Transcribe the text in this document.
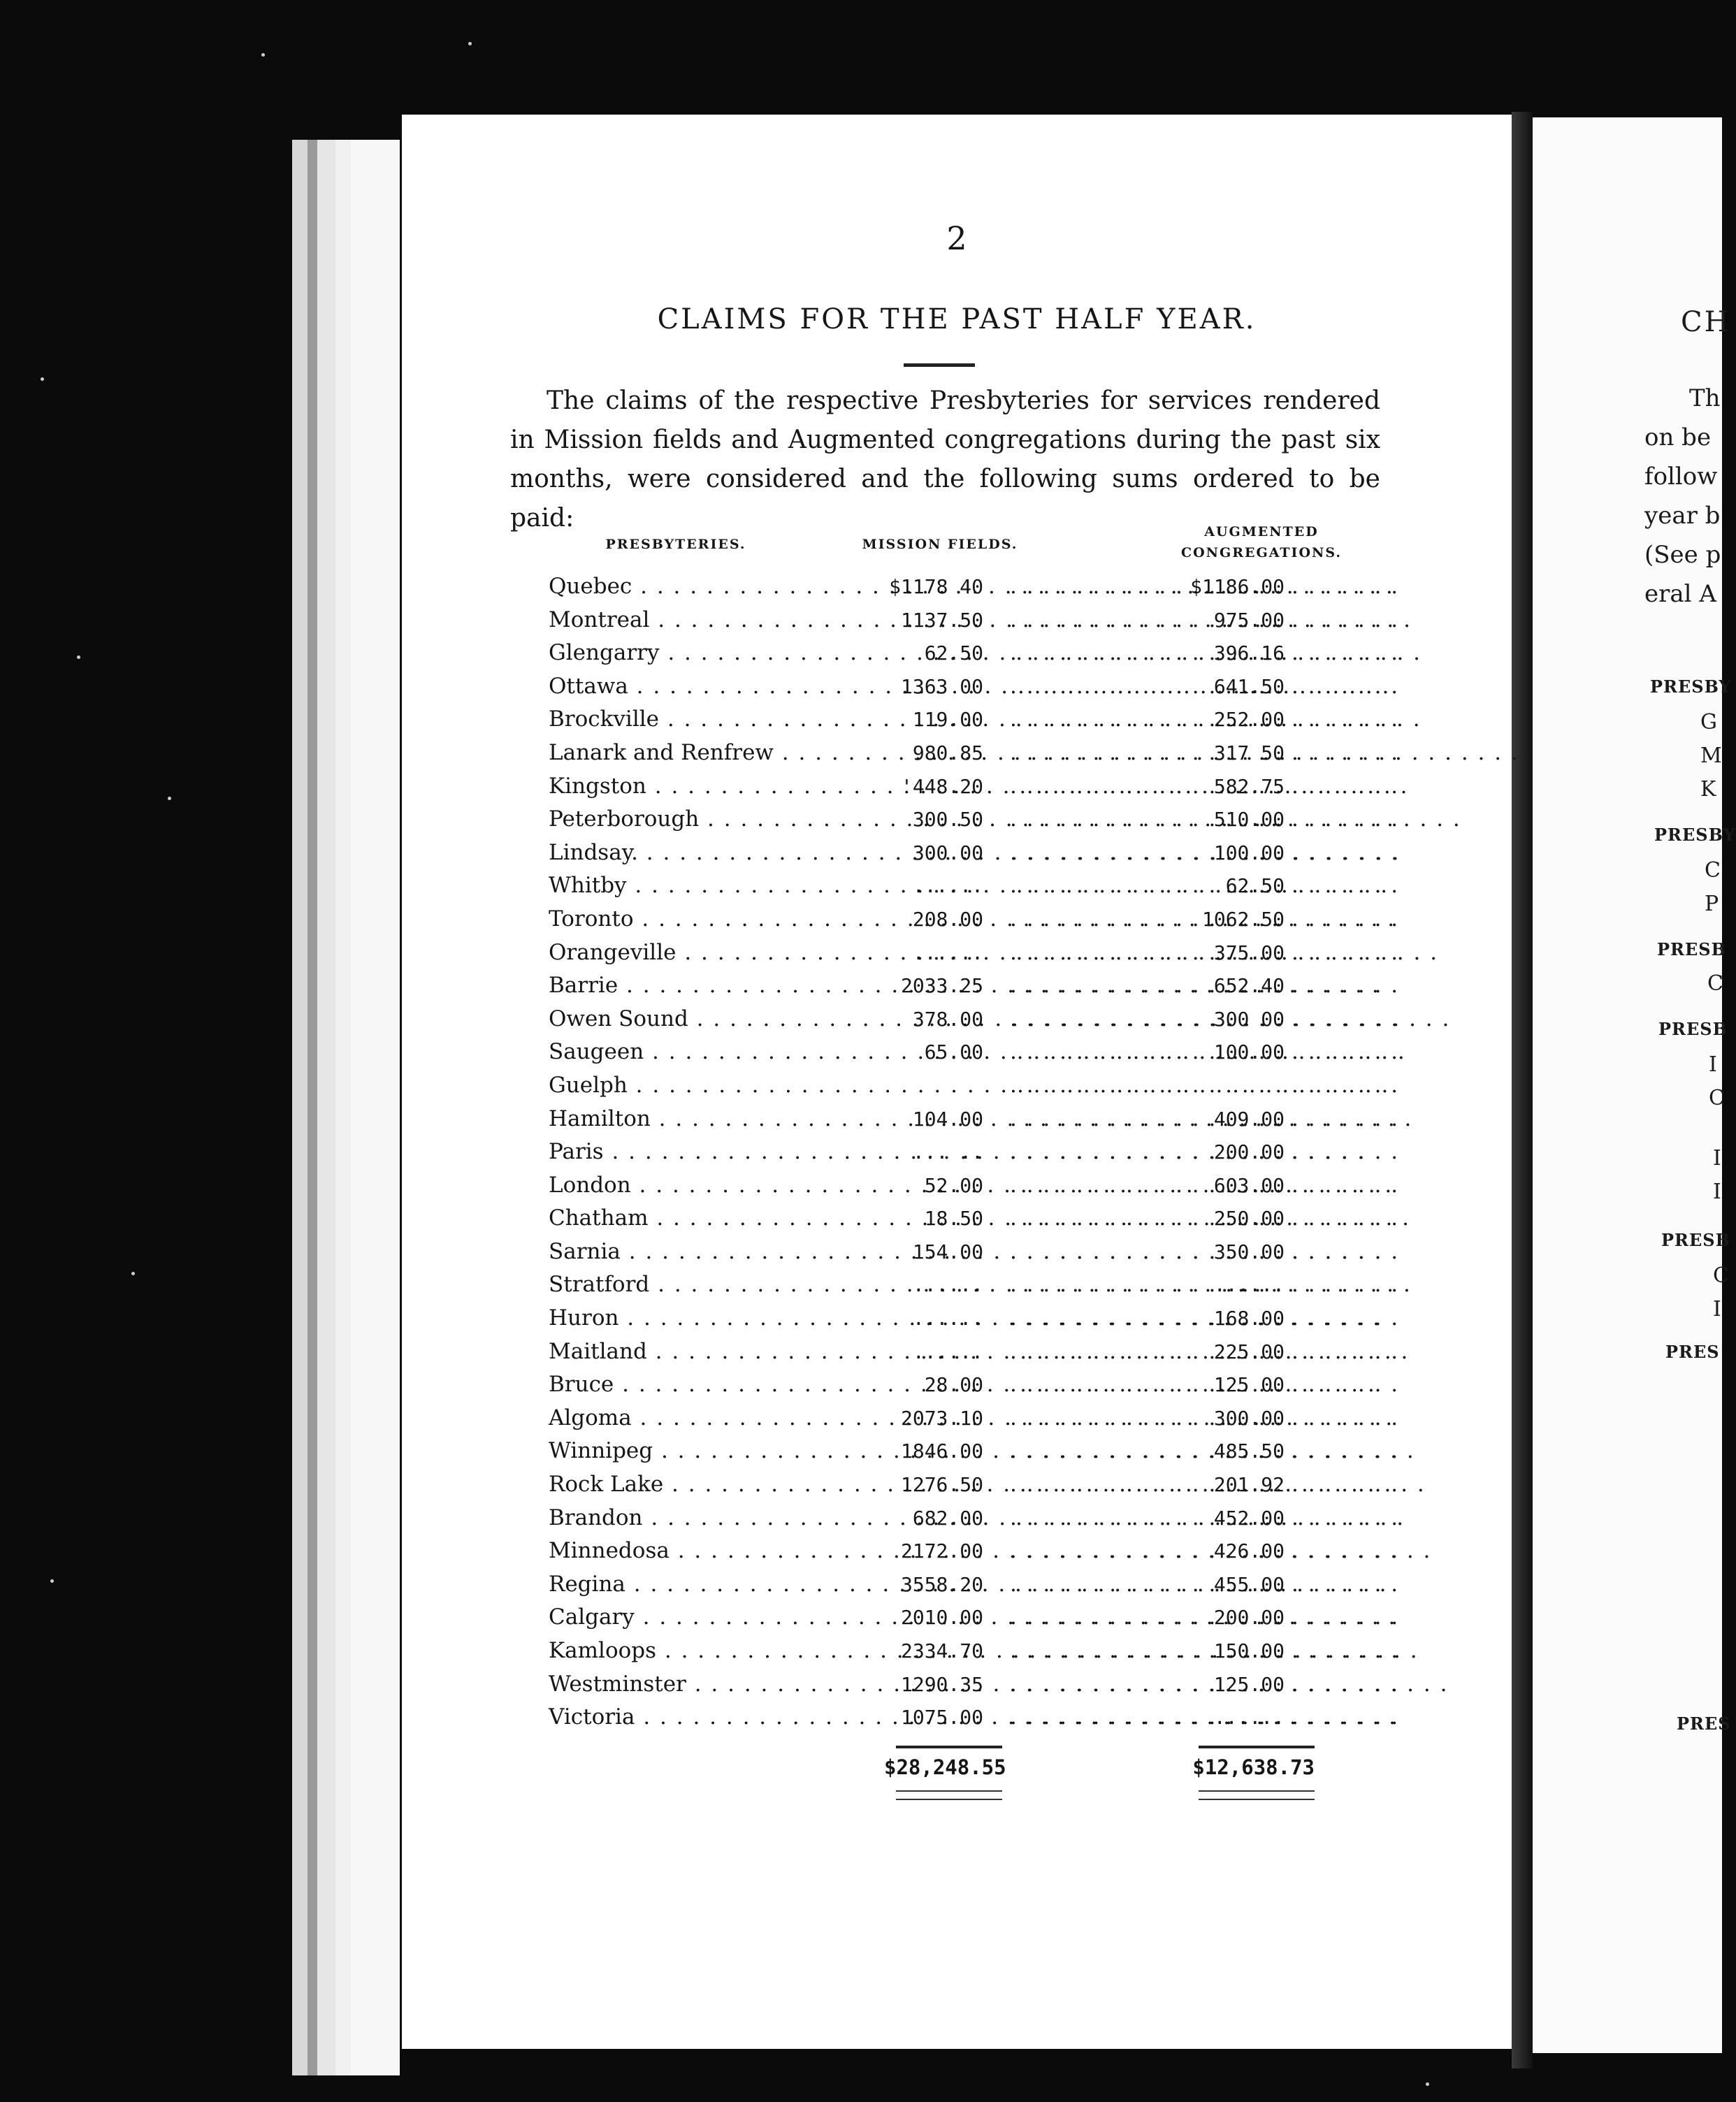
2
CLAIMS FOR THE PAST HALF YEAR.
The claims of the respective Presbyteries for services rendered in Mission fields and Augmented congregations during the past six months, were considered and the following sums ordered to be paid:
PRESBYTERIES.	MISSION FIELDS.
AUGMENTED
CONGREGATIONS.
Quebec . . .	$1178 40 . . .	$1186.00
Montreal . . .	1137.50 . . .	975.00
Glengarry . . .	62.50 . . .	396.16
Ottawa . . .	1363 00 . . .	641.50
Brockville . . .	119.00 . . .	252.00
Lanark and Renfrew . . .	980.85 . . .	317 50
Kingston . . .	'448.20 . . .	582.75
Peterborough . . .	300.50 . . .	510.00
Lindsay. . . .	300.00 . . .	100.00
Whitby . . .	...... . . .	62.50
Toronto . . .	208.00 . . .	1062.50
Orangeville . . .	...... . . .	375.00
Barrie . . .	2033.25 . . .	652.40
Owen Sound . . .	378.00 . . .	300 00
Saugeen . . .	65.00 . . .	100.00
Guelph . . .
. . .
Hamilton . . .	104.00 . . .	409.00
Paris . . .	... .. . . .	200.00
London . . .	52.00 . . .	603.00
Chatham . . .	18.50 . . .	250.00
Sarnia . . .	154.00 . . .	350.00
Stratford . . .	...... . . .	......
Huron . . .	...... . . .	168.00
Maitland . . .	...... . . .	225.00
Bruce . . .	28.00 . . .	125 00
Algoma . . .	2073.10 . . .	300.00
Winnipeg . . .	1846.00 . . .	485.50
Rock Lake . . .	1276.50 . . .	201.92
Brandon . . .	682.00 . . .	452.00
Minnedosa . . .	2172.00 . . .	426.00
Regina . . .	3558.20 . . .	455.00
Calgary . . .	2010.00 . . .	200.00
Kamloops . . .	2334.70 . . .	150.00
Westminster . . .	1290.35 . . .	125.00
Victoria . . .	1075.00 . . .	......
$28,248.55	$12,638.73
CH
Th
on be
follow
year b
(See p
eral A
PRESBY
G
M
K
PRESBY
C
P
PRESB
C
PRESB
I
C
I
I
PRESB
C
I
PRES
PRES
